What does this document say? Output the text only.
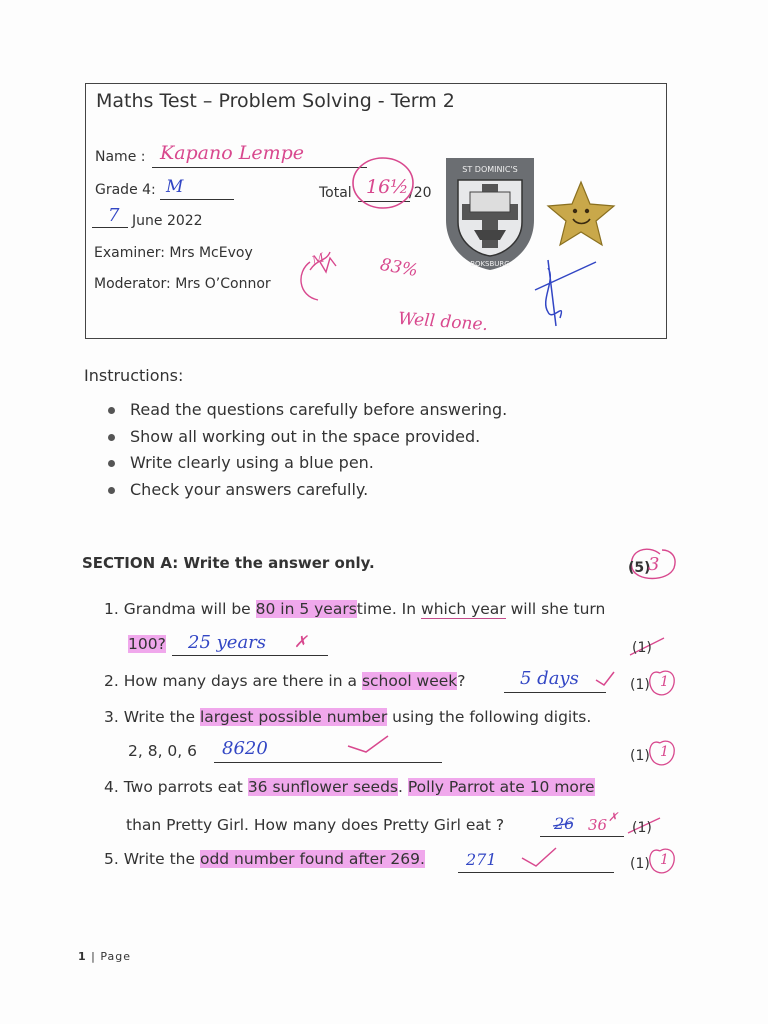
Maths Test – Problem Solving - Term 2
Name : Kapano Lempe
Grade 4: M	Total 16½ /20
7 June 2022
Examiner: Mrs McEvoy
Moderator: Mrs O’Connor
M	83%
Well done.
ST DOMINIC'S
BOKSBURG
Instructions:
Read the questions carefully before answering.
Show all working out in the space provided.
Write clearly using a blue pen.
Check your answers carefully.
SECTION A: Write the answer only.	(5)
3
1. Grandma will be 80 in 5 yearstime. In which year will she turn
100? 25 years ✗	(1)
2. How many days are there in a school week?	5 days	(1) 1
3. Write the largest possible number using the following digits.
2, 8, 0, 6 8620	(1) 1
4. Two parrots eat 36 sunflower seeds. Polly Parrot ate 10 more
than Pretty Girl. How many does Pretty Girl eat ?	26 36 ✗
(1)
5. Write the odd number found after 269.	271	(1) 1
1 | Page
